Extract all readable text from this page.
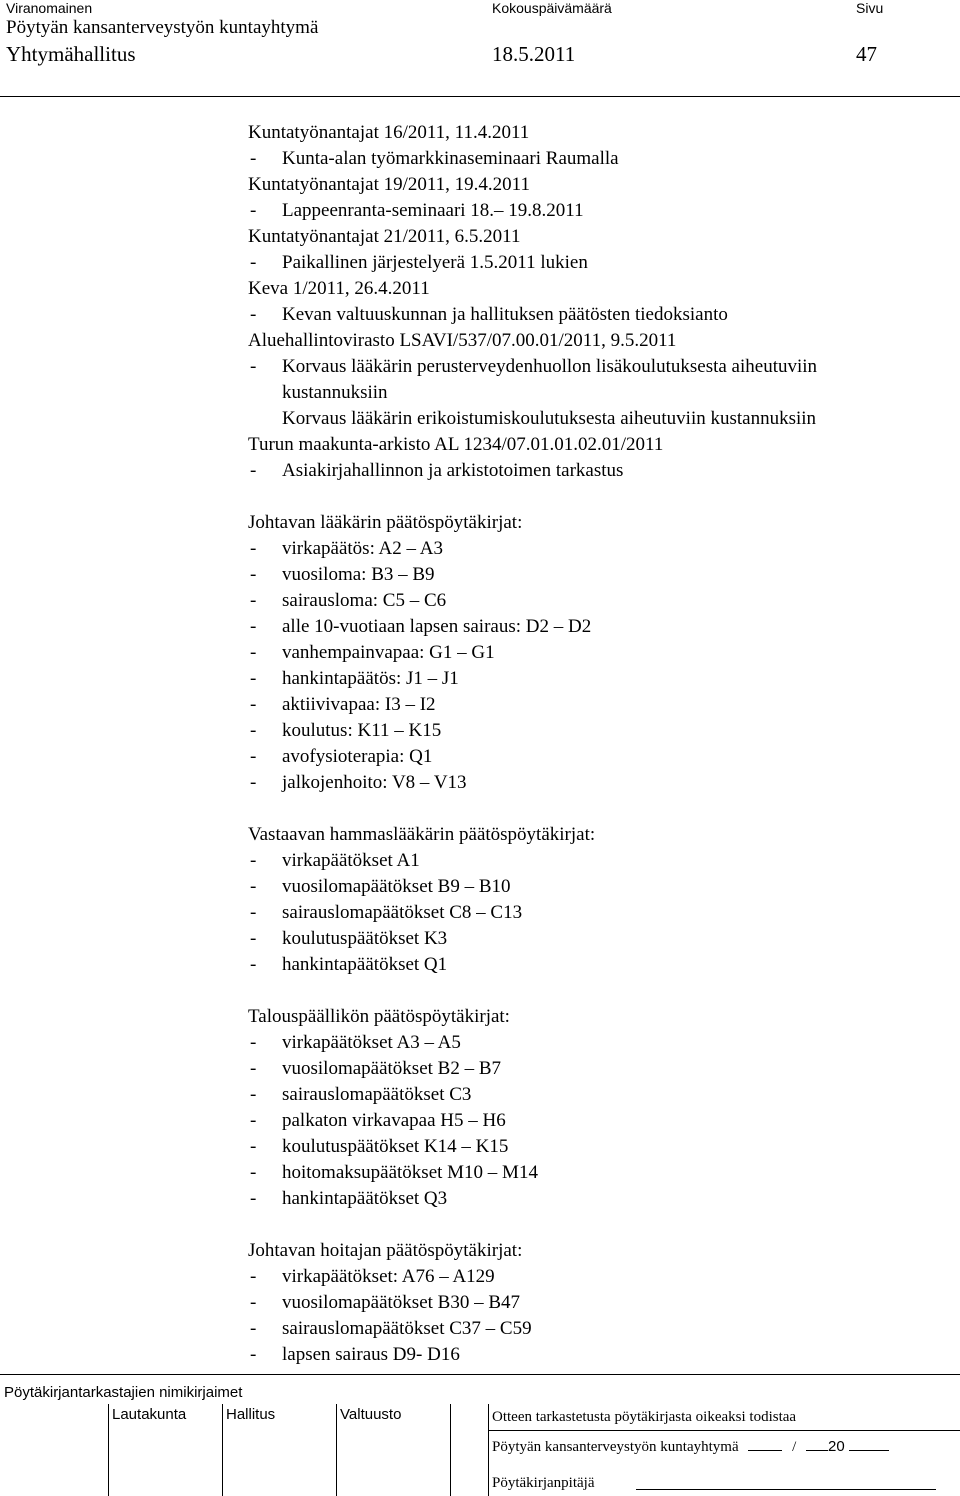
Viranomainen	Kokouspäivämäärä	Sivu
Pöytyän kansanterveystyön kuntayhtymä
Yhtymähallitus	18.5.2011	47
Kuntatyönantajat 16/2011, 11.4.2011
- Kunta-alan työmarkkinaseminaari Raumalla
Kuntatyönantajat 19/2011, 19.4.2011
- Lappeenranta-seminaari 18.– 19.8.2011
Kuntatyönantajat 21/2011, 6.5.2011
- Paikallinen järjestelyerä 1.5.2011 lukien
Keva 1/2011, 26.4.2011
- Kevan valtuuskunnan ja hallituksen päätösten tiedoksianto
Aluehallintovirasto LSAVI/537/07.00.01/2011, 9.5.2011
- Korvaus lääkärin perusterveydenhuollon lisäkoulutuksesta aiheutuviin
kustannuksiin
Korvaus lääkärin erikoistumiskoulutuksesta aiheutuviin kustannuksiin
Turun maakunta-arkisto AL 1234/07.01.01.02.01/2011
- Asiakirjahallinnon ja arkistotoimen tarkastus
Johtavan lääkärin päätöspöytäkirjat:
- virkapäätös: A2 – A3
- vuosiloma: B3 – B9
- sairausloma: C5 – C6
- alle 10-vuotiaan lapsen sairaus: D2 – D2
- vanhempainvapaa: G1 – G1
- hankintapäätös: J1 – J1
- aktiivivapaa: I3 – I2
- koulutus: K11 – K15
- avofysioterapia: Q1
- jalkojenhoito: V8 – V13
Vastaavan hammaslääkärin päätöspöytäkirjat:
- virkapäätökset A1
- vuosilomapäätökset B9 – B10
- sairauslomapäätökset C8 – C13
- koulutuspäätökset K3
- hankintapäätökset Q1
Talouspäällikön päätöspöytäkirjat:
- virkapäätökset A3 – A5
- vuosilomapäätökset B2 – B7
- sairauslomapäätökset C3
- palkaton virkavapaa H5 – H6
- koulutuspäätökset K14 – K15
- hoitomaksupäätökset M10 – M14
- hankintapäätökset Q3
Johtavan hoitajan päätöspöytäkirjat:
- virkapäätökset: A76 – A129
- vuosilomapäätökset B30 – B47
- sairauslomapäätökset C37 – C59
- lapsen sairaus D9- D16
Pöytäkirjantarkastajien nimikirjaimet
Lautakunta	Hallitus	Valtuusto	Otteen tarkastetusta pöytäkirjasta oikeaksi todistaa
Pöytyän kansanterveystyön kuntayhtymä	/ 20
Pöytäkirjanpitäjä
